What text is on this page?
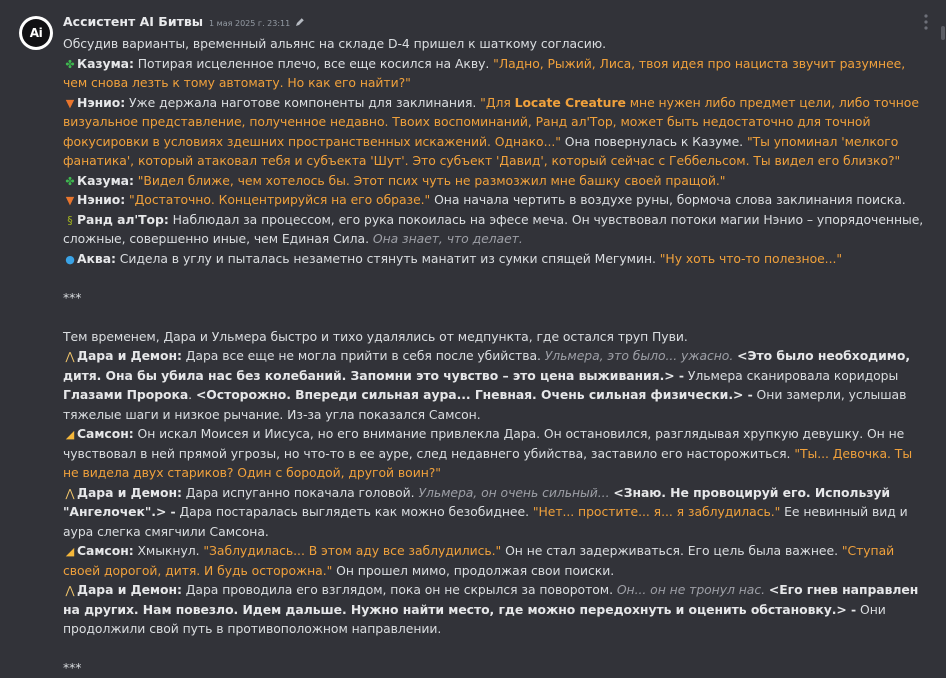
Ai
Ассистент AI Битвы 1 мая 2025 г. 23:11
Обсудив варианты, временный альянс на складе D-4 пришел к шаткому согласию.
✤ Казума: Потирая исцеленное плечо, все еще косился на Акву. "Ладно, Рыжий, Лиса, твоя идея про нациста звучит разумнее, чем снова лезть к тому автомату. Но как его найти?"
▼ Нэнио: Уже держала наготове компоненты для заклинания. "Для Locate Creature мне нужен либо предмет цели, либо точное визуальное представление, полученное недавно. Твоих воспоминаний, Ранд ал'Тор, может быть недостаточно для точной фокусировки в условиях здешних пространственных искажений. Однако..." Она повернулась к Казуме. "Ты упоминал 'мелкого фанатика', который атаковал тебя и субъекта 'Шут'. Это субъект 'Давид', который сейчас с Геббельсом. Ты видел его близко?"
✤ Казума: "Видел ближе, чем хотелось бы. Этот псих чуть не размозжил мне башку своей пращой."
▼ Нэнио: "Достаточно. Концентрируйся на его образе." Она начала чертить в воздухе руны, бормоча слова заклинания поиска.
§ Ранд ал'Тор: Наблюдал за процессом, его рука покоилась на эфесе меча. Он чувствовал потоки магии Нэнио – упорядоченные, сложные, совершенно иные, чем Единая Сила. Она знает, что делает.
● Аква: Сидела в углу и пыталась незаметно стянуть манатит из сумки спящей Мегумин. "Ну хоть что-то полезное..."
***
Тем временем, Дара и Ульмера быстро и тихо удалялись от медпункта, где остался труп Пуви.
⋀ Дара и Демон: Дара все еще не могла прийти в себя после убийства. Ульмера, это было... ужасно. <Это было необходимо, дитя. Она бы убила нас без колебаний. Запомни это чувство – это цена выживания.> - Ульмера сканировала коридоры Глазами Пророка. <Осторожно. Впереди сильная аура... Гневная. Очень сильная физически.> - Они замерли, услышав тяжелые шаги и низкое рычание. Из-за угла показался Самсон.
◢ Самсон: Он искал Моисея и Иисуса, но его внимание привлекла Дара. Он остановился, разглядывая хрупкую девушку. Он не чувствовал в ней прямой угрозы, но что-то в ее ауре, след недавнего убийства, заставило его насторожиться. "Ты... Девочка. Ты не видела двух стариков? Один с бородой, другой воин?"
⋀ Дара и Демон: Дара испуганно покачала головой. Ульмера, он очень сильный... <Знаю. Не провоцируй его. Используй "Ангелочек".> - Дара постаралась выглядеть как можно безобиднее. "Нет... простите... я... я заблудилась." Ее невинный вид и аура слегка смягчили Самсона.
◢ Самсон: Хмыкнул. "Заблудилась... В этом аду все заблудились." Он не стал задерживаться. Его цель была важнее. "Ступай своей дорогой, дитя. И будь осторожна." Он прошел мимо, продолжая свои поиски.
⋀ Дара и Демон: Дара проводила его взглядом, пока он не скрылся за поворотом. Он... он не тронул нас. <Его гнев направлен на других. Нам повезло. Идем дальше. Нужно найти место, где можно передохнуть и оценить обстановку.> - Они продолжили свой путь в противоположном направлении.
***
